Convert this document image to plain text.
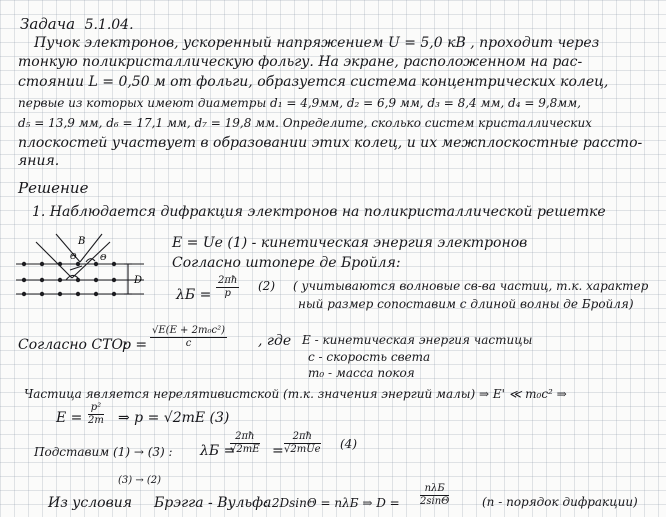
Задача 5.1.04.
Пучок электронов, ускоренный напряжением U = 5,0 кВ , проходит через
тонкую поликристаллическую фольгу. На экране, расположенном на рас-
стоянии L = 0,50 м от фольги, образуется система концентрических колец,
первые из которых имеют диаметры d₁ = 4,9мм, d₂ = 6,9 мм, d₃ = 8,4 мм, d₄ = 9,8мм,
d₅ = 13,9 мм, d₆ = 17,1 мм, d₇ = 19,8 мм. Определите, сколько систем кристаллических
плоскостей участвует в образовании этих колец, и их межплоскостные рассто-
яния.
Решение
1. Наблюдается дифракция электронов на поликристаллической решетке
B
Θ	Θ
D
E = Ue (1) - кинетическая энергия электронов
Согласно штопере де Бройля:
$\lambda Б = \frac{2\pi ħ}{p} (2)$ ( учитываются волновые св-ва частиц, т.к. характер
ный размер сопоставим с длиной волны де Бройля)
Согласно СТО:
$p = \frac{\text{√E(E + 2m₀c²)}}{c}$ , где E - кинетическая энергия частицы
c - скорость света
m₀ - масса покоя
Частица является нерелятивистской (т.к. значения энергий малы) ⇒ E' ≪ m₀c² ⇒
$E = \frac{\text{p²}}{2m}$ ⇒ p = √2mE (3)
Подставим (1) → (3) : λБ =
$\frac{2\pi ħ}{√2mE}$ =
2πħ
√2mUe (4)
(3) → (2)
Из условия Брэгга - Вульфа
: 2DsinΘ = nλБ ⇒ D =
nλБ
2sinΘ	(n - порядок дифракции)
